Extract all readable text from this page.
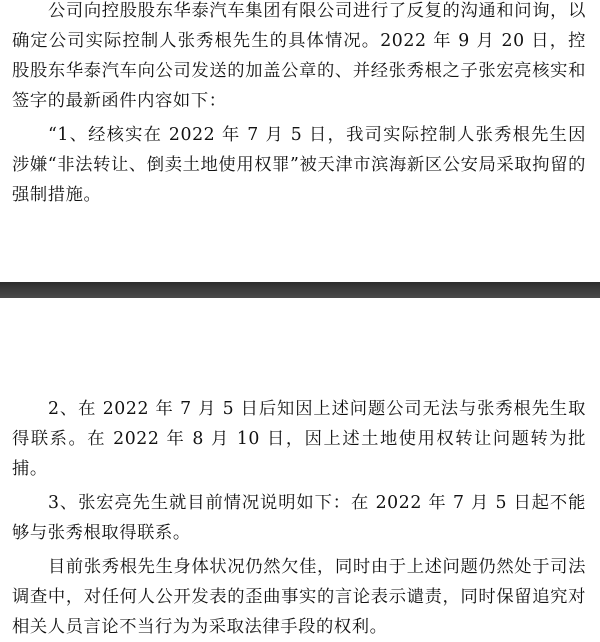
公司向控股股东华泰汽车集团有限公司进行了反复的沟通和问询，以确定公司实际控制人张秀根先生的具体情况。2022 年 9 月 20 日，控股股东华泰汽车向公司发送的加盖公章的、并经张秀根之子张宏亮核实和签字的最新函件内容如下：

“1、经核实在 2022 年 7 月 5 日，我司实际控制人张秀根先生因涉嫌“非法转让、倒卖土地使用权罪”被天津市滨海新区公安局采取拘留的强制措施。

2、在 2022 年 7 月 5 日后知因上述问题公司无法与张秀根先生取得联系。在 2022 年 8 月 10 日，因上述土地使用权转让问题转为批捕。

3、张宏亮先生就目前情况说明如下：在 2022 年 7 月 5 日起不能够与张秀根取得联系。

目前张秀根先生身体状况仍然欠佳，同时由于上述问题仍然处于司法调查中，对任何人公开发表的歪曲事实的言论表示谴责，同时保留追究对相关人员言论不当行为为采取法律手段的权利。
